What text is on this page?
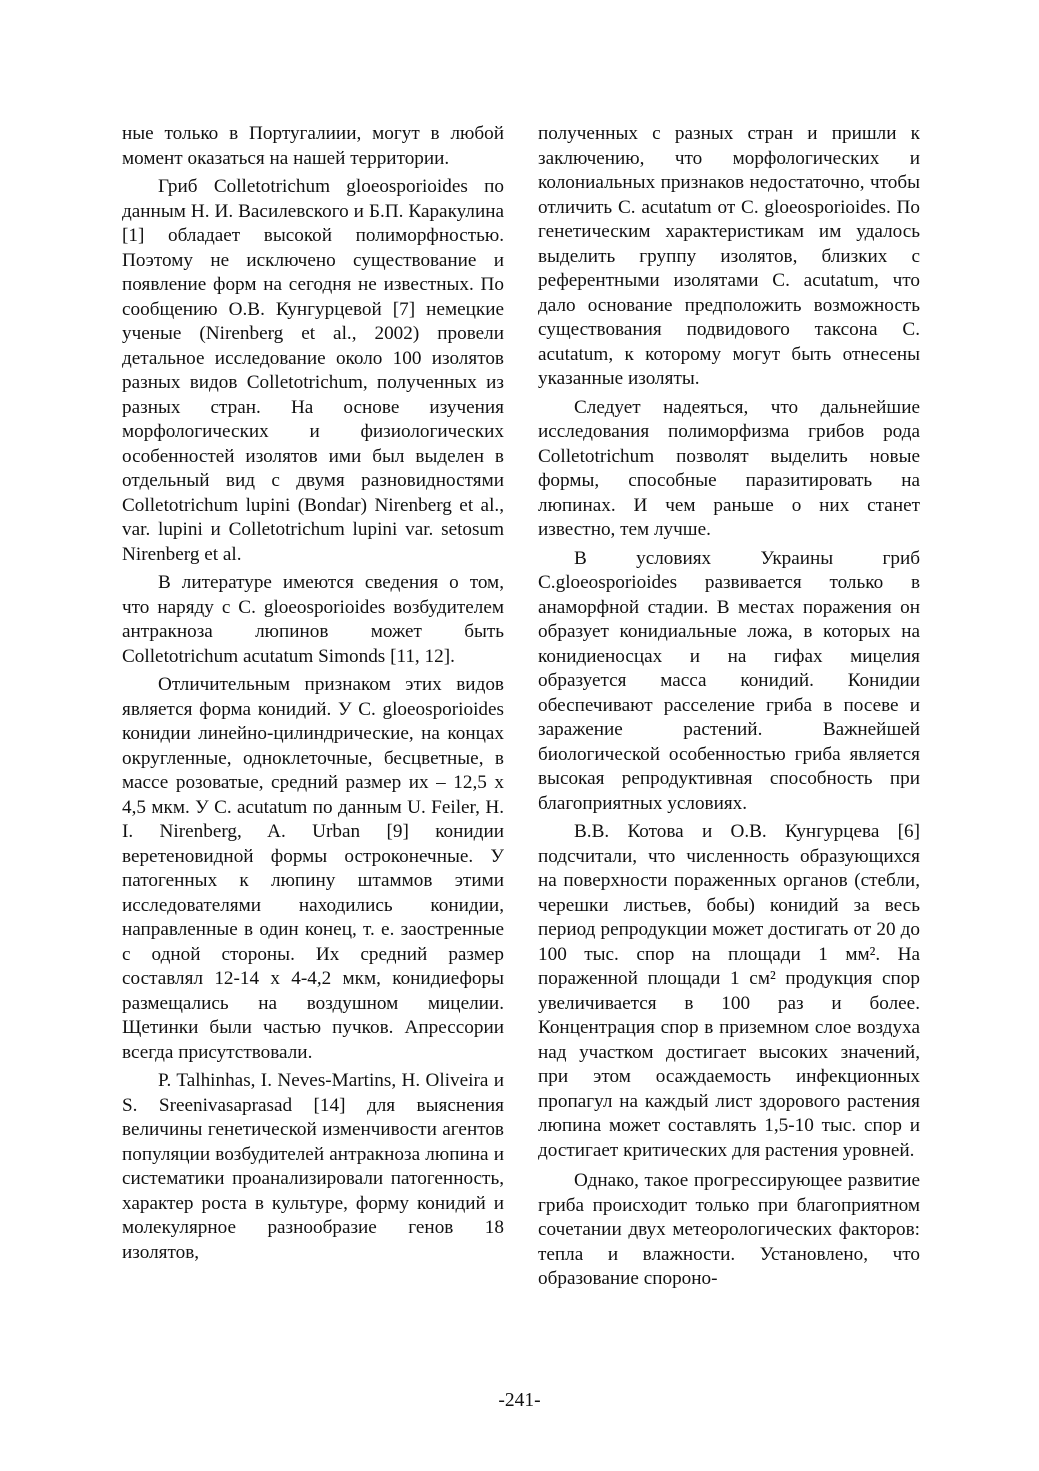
ные только в Португалиии, могут в любой момент оказаться на нашей территории.

Гриб Colletotrichum gloeosporioides по данным Н. И. Василевского и Б.П. Каракулина [1] обладает высокой полиморфностью. Поэтому не исключено существование и появление форм на сегодня не известных. По сообщению О.В. Кунгурцевой [7] немецкие ученые (Nirenberg et al., 2002) провели детальное исследование около 100 изолятов разных видов Colletotrichum, полученных из разных стран. На основе изучения морфологических и физиологических особенностей изолятов ими был выделен в отдельный вид с двумя разновидностями Colletotrichum lupini (Bondar) Nirenberg et al., var. lupini и Colletotrichum lupini var. setosum Nirenberg et al.

В литературе имеются сведения о том, что наряду с C. gloeosporioides возбудителем антракноза люпинов может быть Colletotrichum acutatum Simonds [11, 12].

Отличительным признаком этих видов является форма конидий. У C. gloeosporioides конидии линейно-цилиндрические, на концах округленные, одноклеточные, бесцветные, в массе розоватые, средний размер их – 12,5 х 4,5 мкм. У C. acutatum по данным U. Feiler, H. I. Nirenberg, A. Urban [9] конидии веретеновидной формы остроконечные. У патогенных к люпину штаммов этими исследователями находились конидии, направленные в один конец, т. е. заостренные с одной стороны. Их средний размер составлял 12-14 х 4-4,2 мкм, конидиефоры размещались на воздушном мицелии. Щетинки были частью пучков. Апрессории всегда присутствовали.

P. Talhinhas, I. Neves-Martins, H. Oliveira и S. Sreenivasaprasad [14] для выяснения величины генетической изменчивости агентов популяции возбудителей антракноза люпина и систематики проанализировали патогенность, характер роста в культуре, форму конидий и молекулярное разнообразие генов 18 изолятов,

полученных с разных стран и пришли к заключению, что морфологических и колониальных признаков недостаточно, чтобы отличить C. acutatum от C. gloeosporioides. По генетическим характеристикам им удалось выделить группу изолятов, близких с референтными изолятами C. acutatum, что дало основание предположить возможность существования подвидового таксона C. acutatum, к которому могут быть отнесены указанные изоляты.

Следует надеяться, что дальнейшие исследования полиморфизма грибов рода Colletotrichum позволят выделить новые формы, способные паразитировать на люпинах. И чем раньше о них станет известно, тем лучше.

В условиях Украины гриб C.gloeosporioides развивается только в анаморфной стадии. В местах поражения он образует конидиальные ложа, в которых на конидиеносцах и на гифах мицелия образуется масса конидий. Конидии обеспечивают расселение гриба в посеве и заражение растений. Важнейшей биологической особенностью гриба является высокая репродуктивная способность при благоприятных условиях.

В.В. Котова и О.В. Кунгурцева [6] подсчитали, что численность образующихся на поверхности пораженных органов (стебли, черешки листьев, бобы) конидий за весь период репродукции может достигать от 20 до 100 тыс. спор на площади 1 мм². На пораженной площади 1 см² продукция спор увеличивается в 100 раз и более. Концентрация спор в приземном слое воздуха над участком достигает высоких значений, при этом осаждаемость инфекционных пропагул на каждый лист здорового растения люпина может составлять 1,5-10 тыс. спор и достигает критических для растения уровней.

Однако, такое прогрессирующее развитие гриба происходит только при благоприятном сочетании двух метеорологических факторов: тепла и влажности. Установлено, что образование спороно-

-241-
